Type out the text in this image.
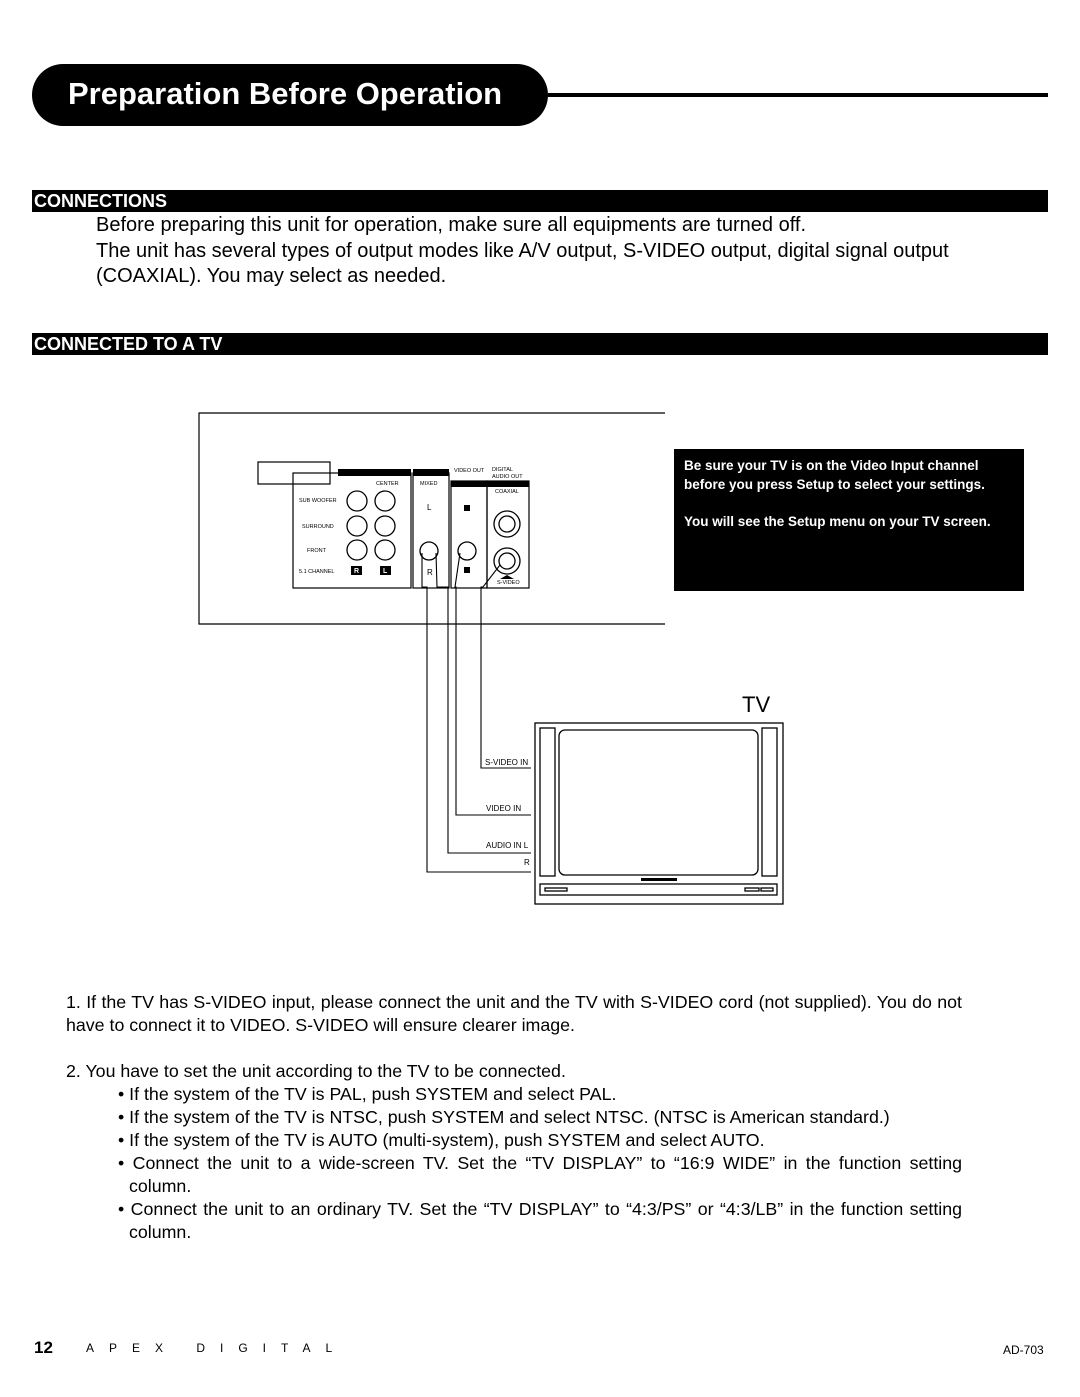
Preparation Before Operation
CONNECTIONS

Before preparing this unit for operation, make sure all equipments are turned off.

The unit has several types of output modes like A/V output, S-VIDEO output, digital signal output (COAXIAL). You may select as needed.

CONNECTED TO A TV
CENTER	MIXED
VIDEO OUT DIGITAL
AUDIO OUT
COAXIAL
SUB WOOFER
SURROUND
FRONT
5.1 CHANNEL
S-VIDEO
R	L
L
R
S-VIDEO IN
VIDEO IN
AUDIO IN L
R

Be sure your TV is on the Video Input channel before you press Setup to select your settings.

You will see the Setup menu on your TV screen.

TV

1. If the TV has S-VIDEO input, please connect the unit and the TV with S-VIDEO cord (not supplied). You do not have to connect it to VIDEO. S-VIDEO will ensure clearer image.

2. You have to set the unit according to the TV to be connected.

• If the system of the TV is PAL, push SYSTEM and select PAL.

• If the system of the TV is NTSC, push SYSTEM and select NTSC. (NTSC is American standard.)

• If the system of the TV is AUTO (multi-system), push SYSTEM and select AUTO.

• Connect the unit to a wide-screen TV. Set the “TV DISPLAY” to “16:9 WIDE” in the function setting column.

• Connect the unit to an ordinary TV. Set the “TV DISPLAY” to “4:3/PS” or “4:3/LB” in the function setting column.

12	APEX DIGITAL	AD-703
